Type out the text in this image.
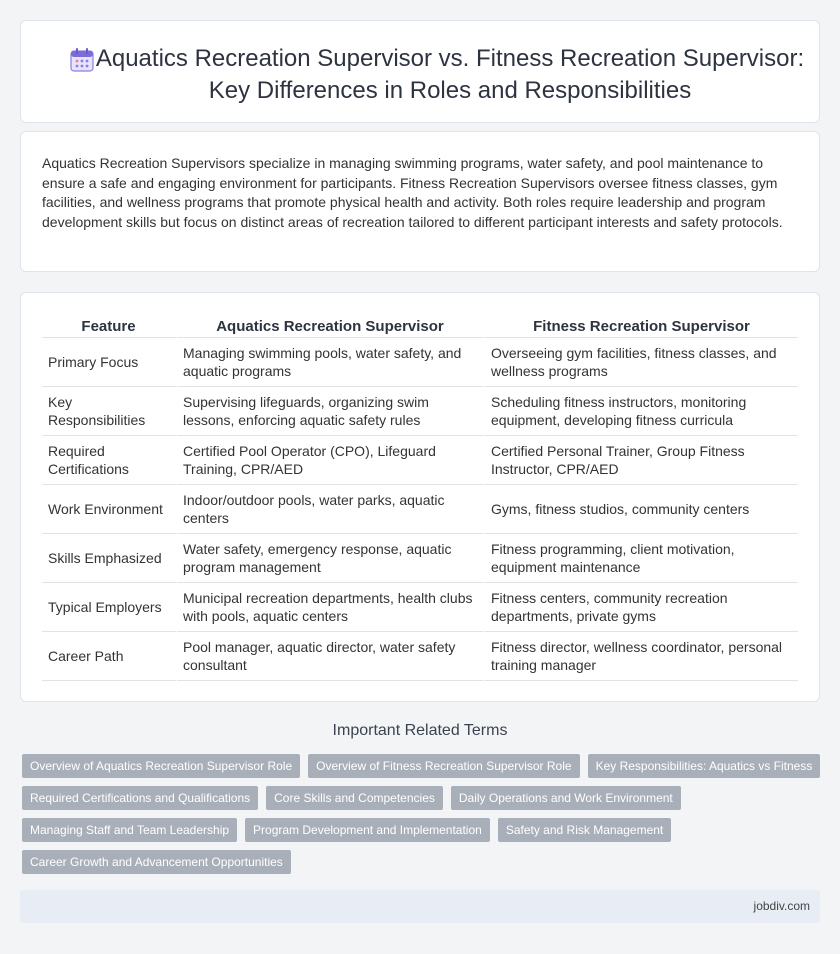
Aquatics Recreation Supervisor vs. Fitness Recreation Supervisor: Key Differences in Roles and Responsibilities

Aquatics Recreation Supervisors specialize in managing swimming programs, water safety, and pool maintenance to ensure a safe and engaging environment for participants. Fitness Recreation Supervisors oversee fitness classes, gym facilities, and wellness programs that promote physical health and activity. Both roles require leadership and program development skills but focus on distinct areas of recreation tailored to different participant interests and safety protocols.

Feature	Aquatics Recreation Supervisor	Fitness Recreation Supervisor
Primary Focus	Managing swimming pools, water safety, and aquatic programs	Overseeing gym facilities, fitness classes, and wellness programs
Key Responsibilities	Supervising lifeguards, organizing swim lessons, enforcing aquatic safety rules	Scheduling fitness instructors, monitoring equipment, developing fitness curricula
Required Certifications	Certified Pool Operator (CPO), Lifeguard Training, CPR/AED	Certified Personal Trainer, Group Fitness Instructor, CPR/AED
Work Environment	Indoor/outdoor pools, water parks, aquatic centers	Gyms, fitness studios, community centers
Skills Emphasized	Water safety, emergency response, aquatic program management	Fitness programming, client motivation, equipment maintenance
Typical Employers	Municipal recreation departments, health clubs with pools, aquatic centers	Fitness centers, community recreation departments, private gyms
Career Path	Pool manager, aquatic director, water safety consultant	Fitness director, wellness coordinator, personal training manager
Important Related Terms
Overview of Aquatics Recreation Supervisor Role	Overview of Fitness Recreation Supervisor Role	Key Responsibilities: Aquatics vs Fitness
Required Certifications and Qualifications	Core Skills and Competencies	Daily Operations and Work Environment
Managing Staff and Team Leadership	Program Development and Implementation	Safety and Risk Management
Career Growth and Advancement Opportunities
jobdiv.com
